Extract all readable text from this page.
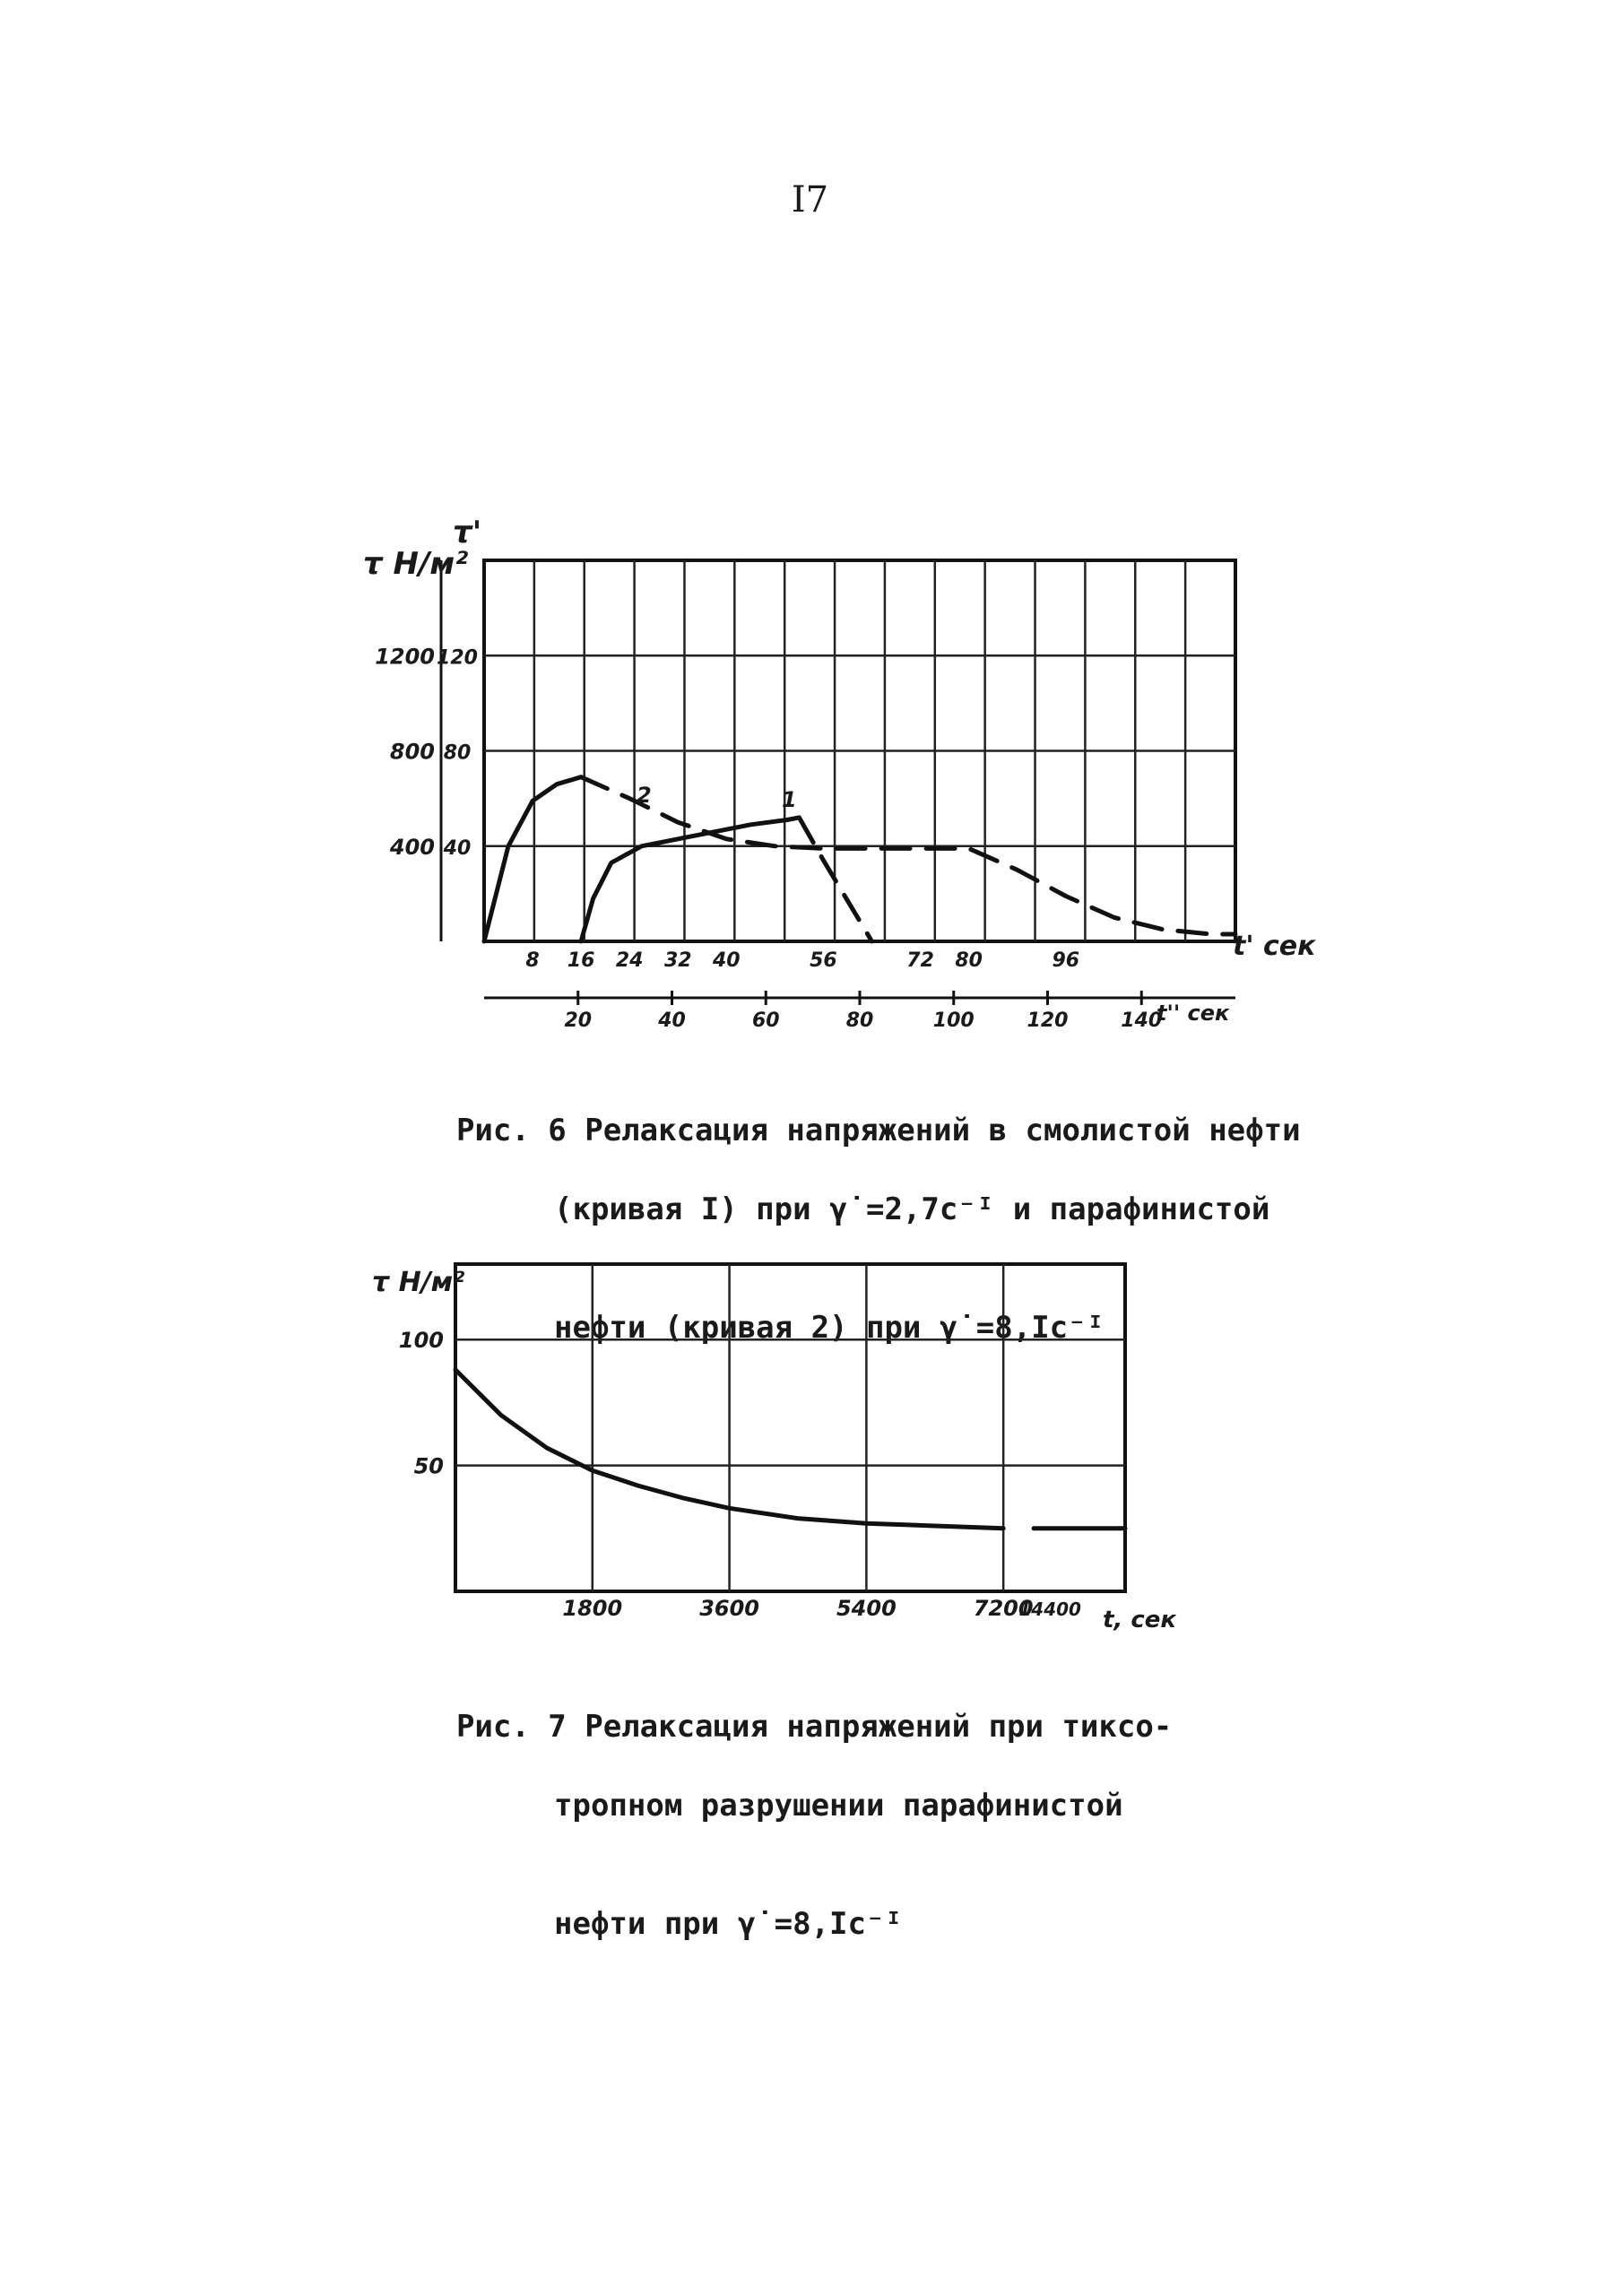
I7
40
80
120
400
800
1200
8 16 24 32 40	56	72 80	96
20	40	60	80	100	120	140
τ Н/м²
τ'
t' сек
t'' сек
1
2

Рис. 6 Релаксация напряжений в смолистой нефти

(кривая I) при γ̇ =2,7с⁻ᴵ и парафинистой

нефти (кривая 2) при γ̇ =8,Iс⁻ᴵ

50
100
1800	3600	5400	7200
14400
τ Н/м²
t, сек

Рис. 7 Релаксация напряжений при тиксо-

тропном разрушении парафинистой

нефти при γ̇ =8,Iс⁻ᴵ
